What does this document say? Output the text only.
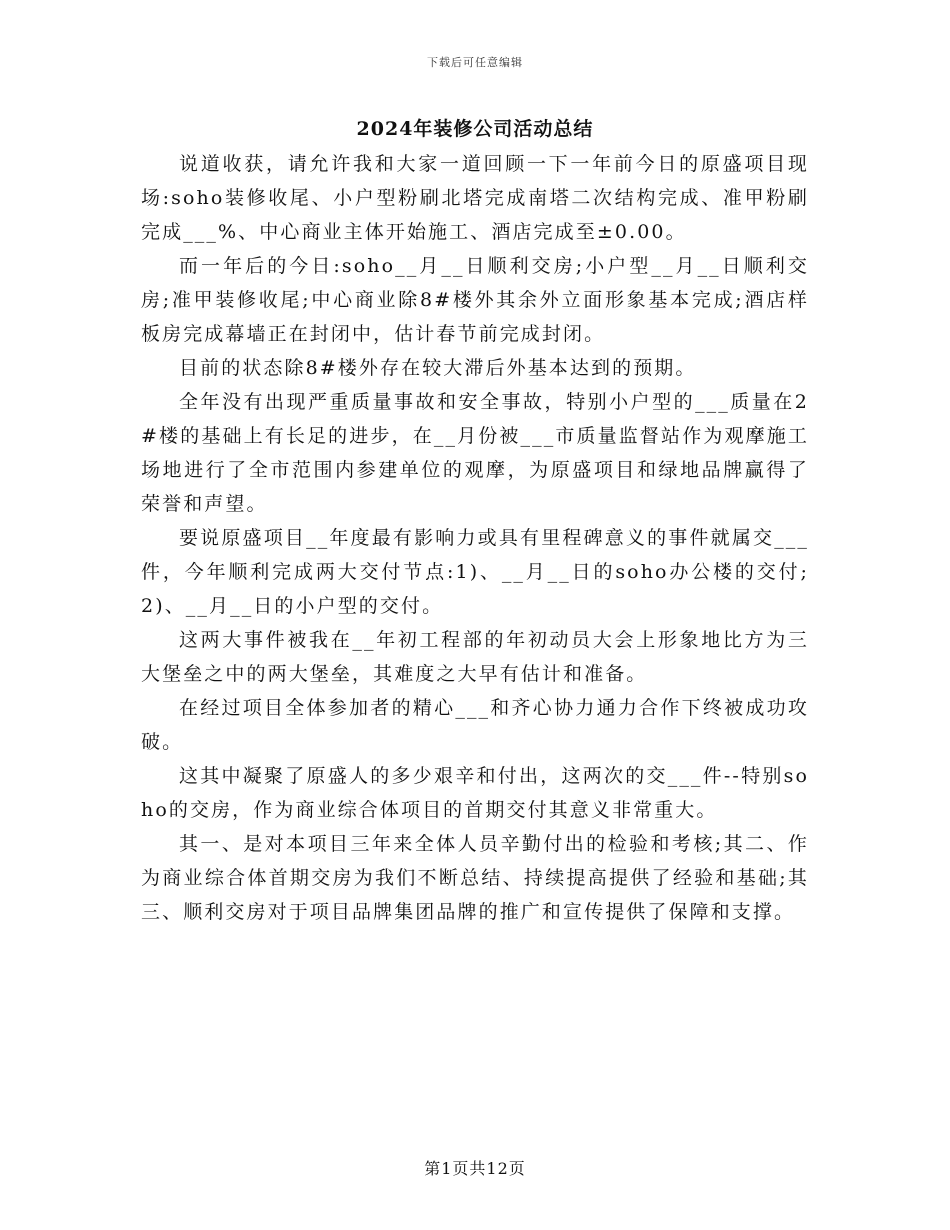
下载后可任意编辑
2024年装修公司活动总结

说道收获，请允许我和大家一道回顾一下一年前今日的原盛项目现场:soho装修收尾、小户型粉刷北塔完成南塔二次结构完成、准甲粉刷完成___%、中心商业主体开始施工、酒店完成至±0.00。

而一年后的今日:soho__月__日顺利交房;小户型__月__日顺利交房;准甲装修收尾;中心商业除8#楼外其余外立面形象基本完成;酒店样板房完成幕墙正在封闭中，估计春节前完成封闭。

目前的状态除8#楼外存在较大滞后外基本达到的预期。

全年没有出现严重质量事故和安全事故，特别小户型的___质量在2#楼的基础上有长足的进步，在__月份被___市质量监督站作为观摩施工场地进行了全市范围内参建单位的观摩，为原盛项目和绿地品牌赢得了荣誉和声望。

要说原盛项目__年度最有影响力或具有里程碑意义的事件就属交___件，今年顺利完成两大交付节点:1)、__月__日的soho办公楼的交付;2)、__月__日的小户型的交付。

这两大事件被我在__年初工程部的年初动员大会上形象地比方为三大堡垒之中的两大堡垒，其难度之大早有估计和准备。

在经过项目全体参加者的精心___和齐心协力通力合作下终被成功攻破。

这其中凝聚了原盛人的多少艰辛和付出，这两次的交___件--特别soho的交房，作为商业综合体项目的首期交付其意义非常重大。

其一、是对本项目三年来全体人员辛勤付出的检验和考核;其二、作为商业综合体首期交房为我们不断总结、持续提高提供了经验和基础;其三、顺利交房对于项目品牌集团品牌的推广和宣传提供了保障和支撑。

第1页共12页
